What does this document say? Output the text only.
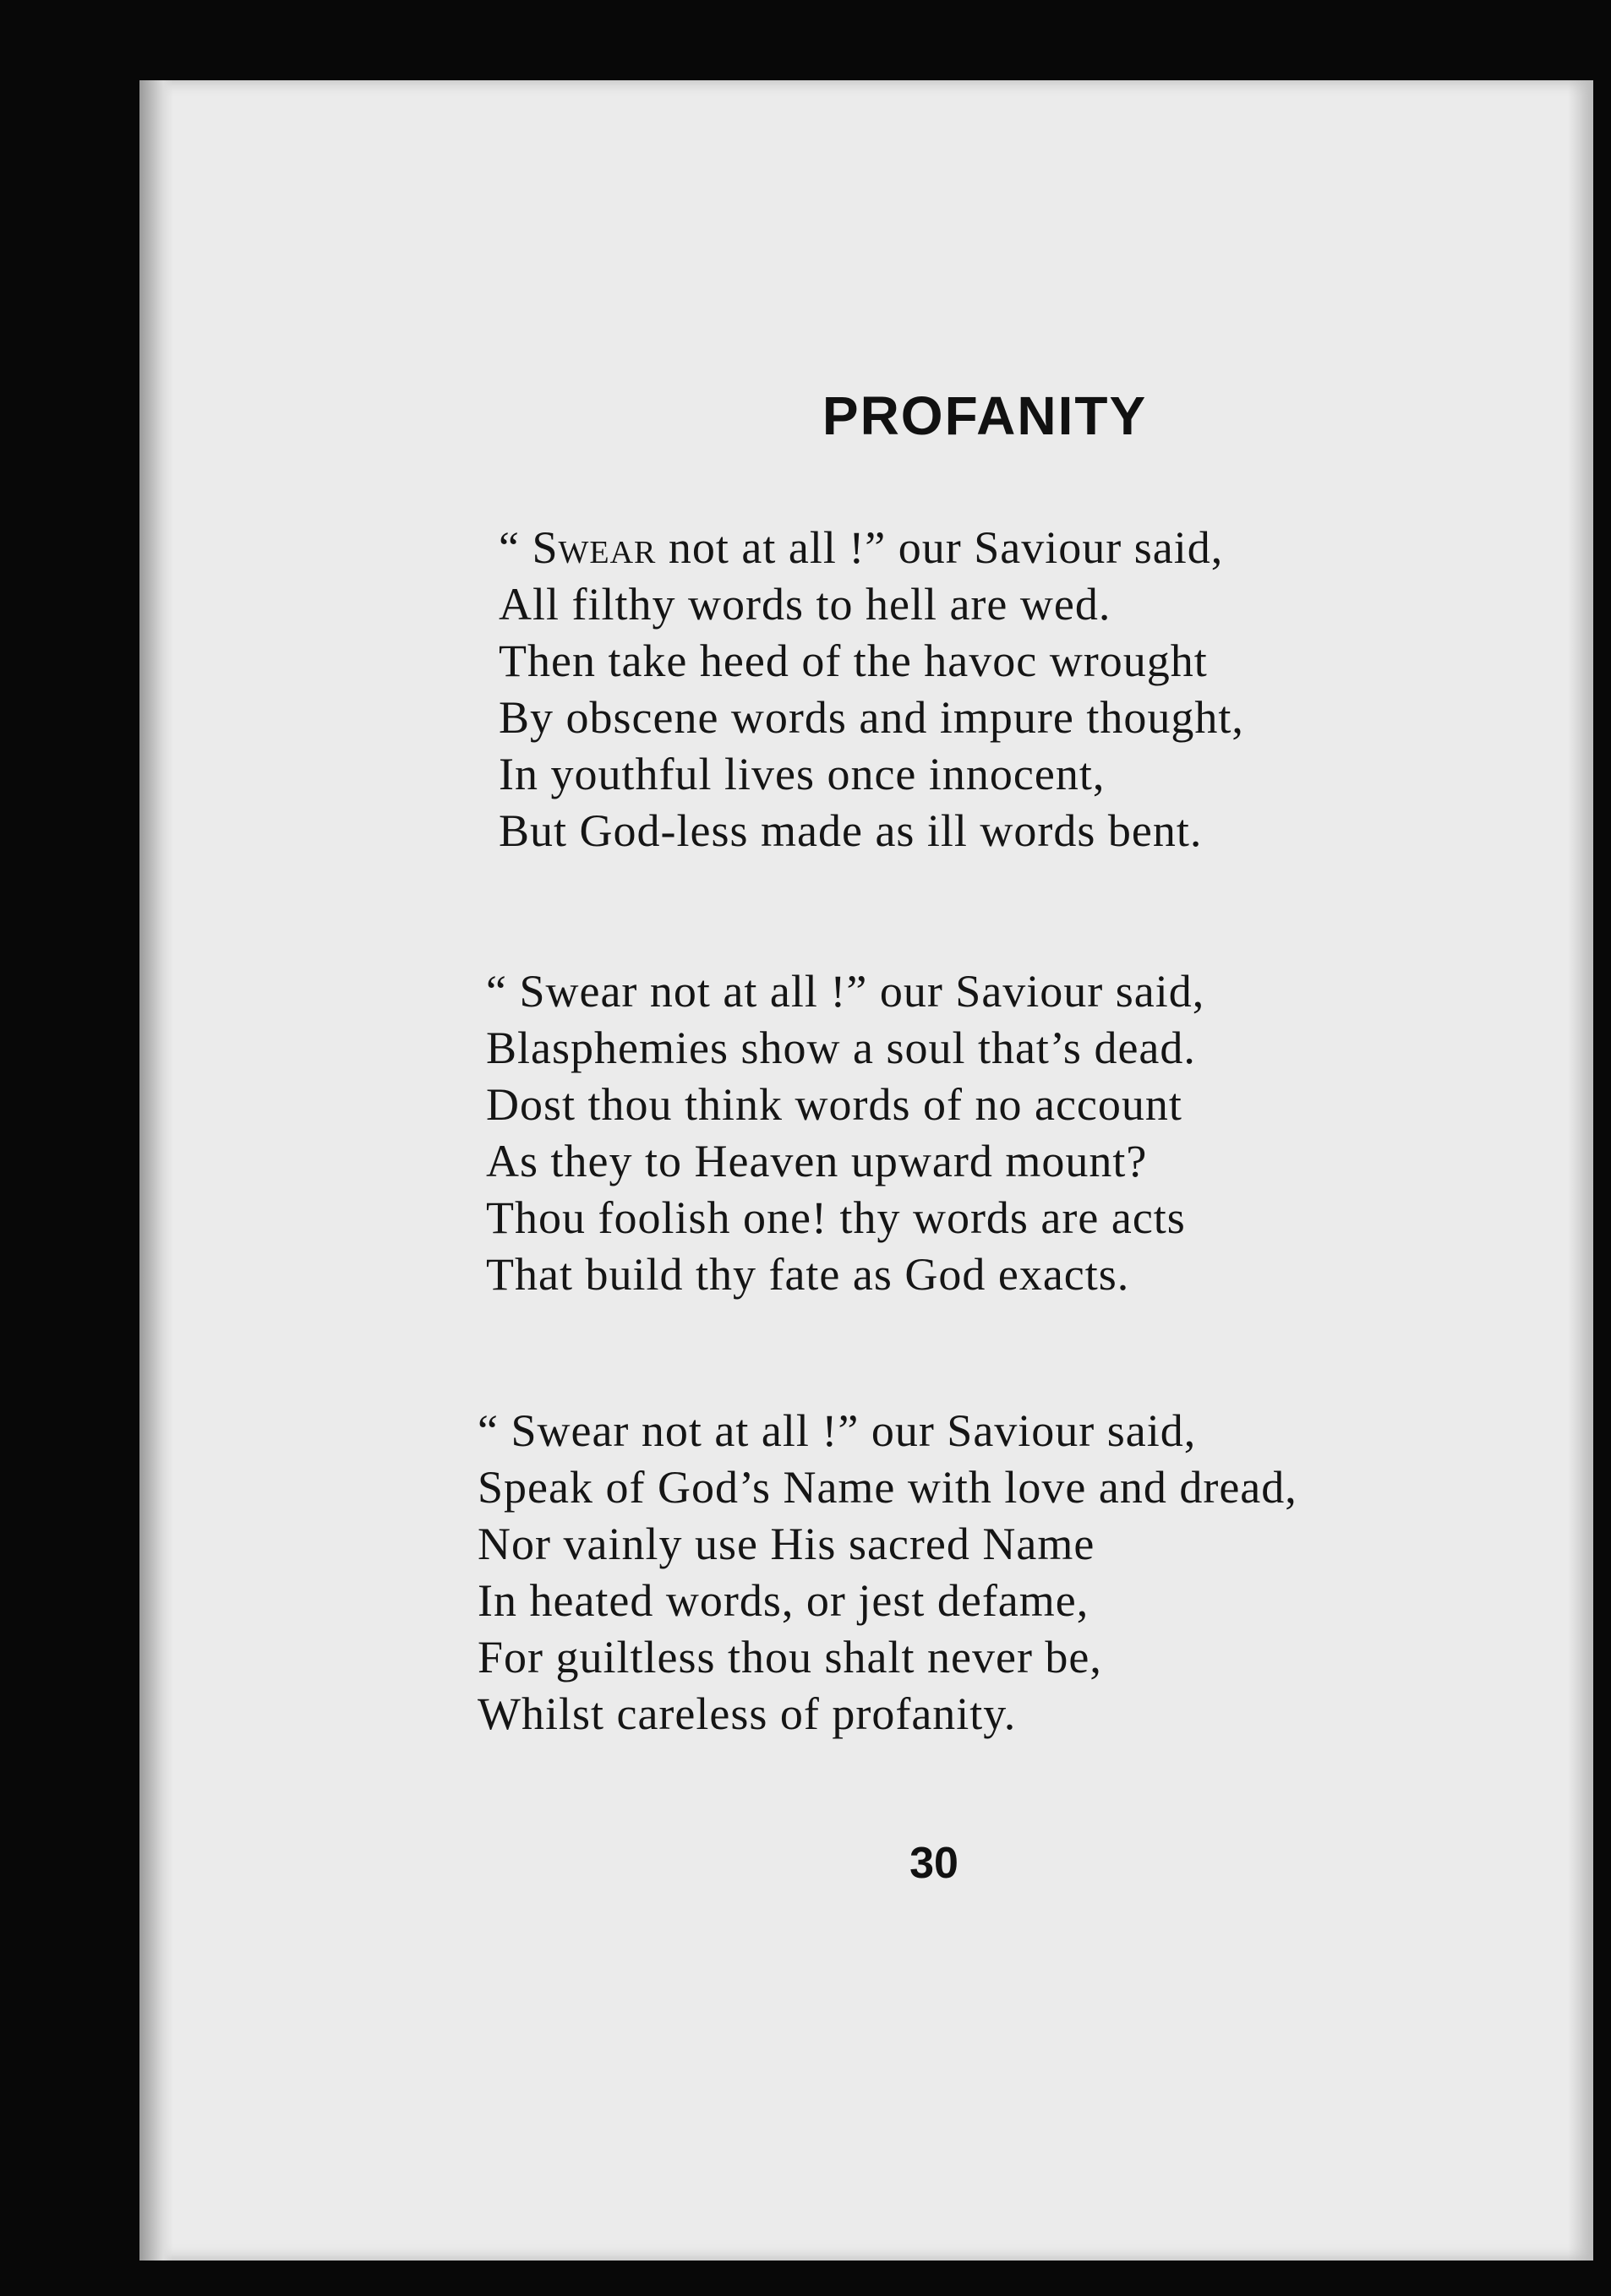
PROFANITY
“ Swear not at all !” our Saviour said,
All filthy words to hell are wed.
Then take heed of the havoc wrought
By obscene words and impure thought,
In youthful lives once innocent,
But God-less made as ill words bent.
“ Swear not at all !” our Saviour said,
Blasphemies show a soul that’s dead.
Dost thou think words of no account
As they to Heaven upward mount?
Thou foolish one! thy words are acts
That build thy fate as God exacts.
“ Swear not at all !” our Saviour said,
Speak of God’s Name with love and dread,
Nor vainly use His sacred Name
In heated words, or jest defame,
For guiltless thou shalt never be,
Whilst careless of profanity.
30
